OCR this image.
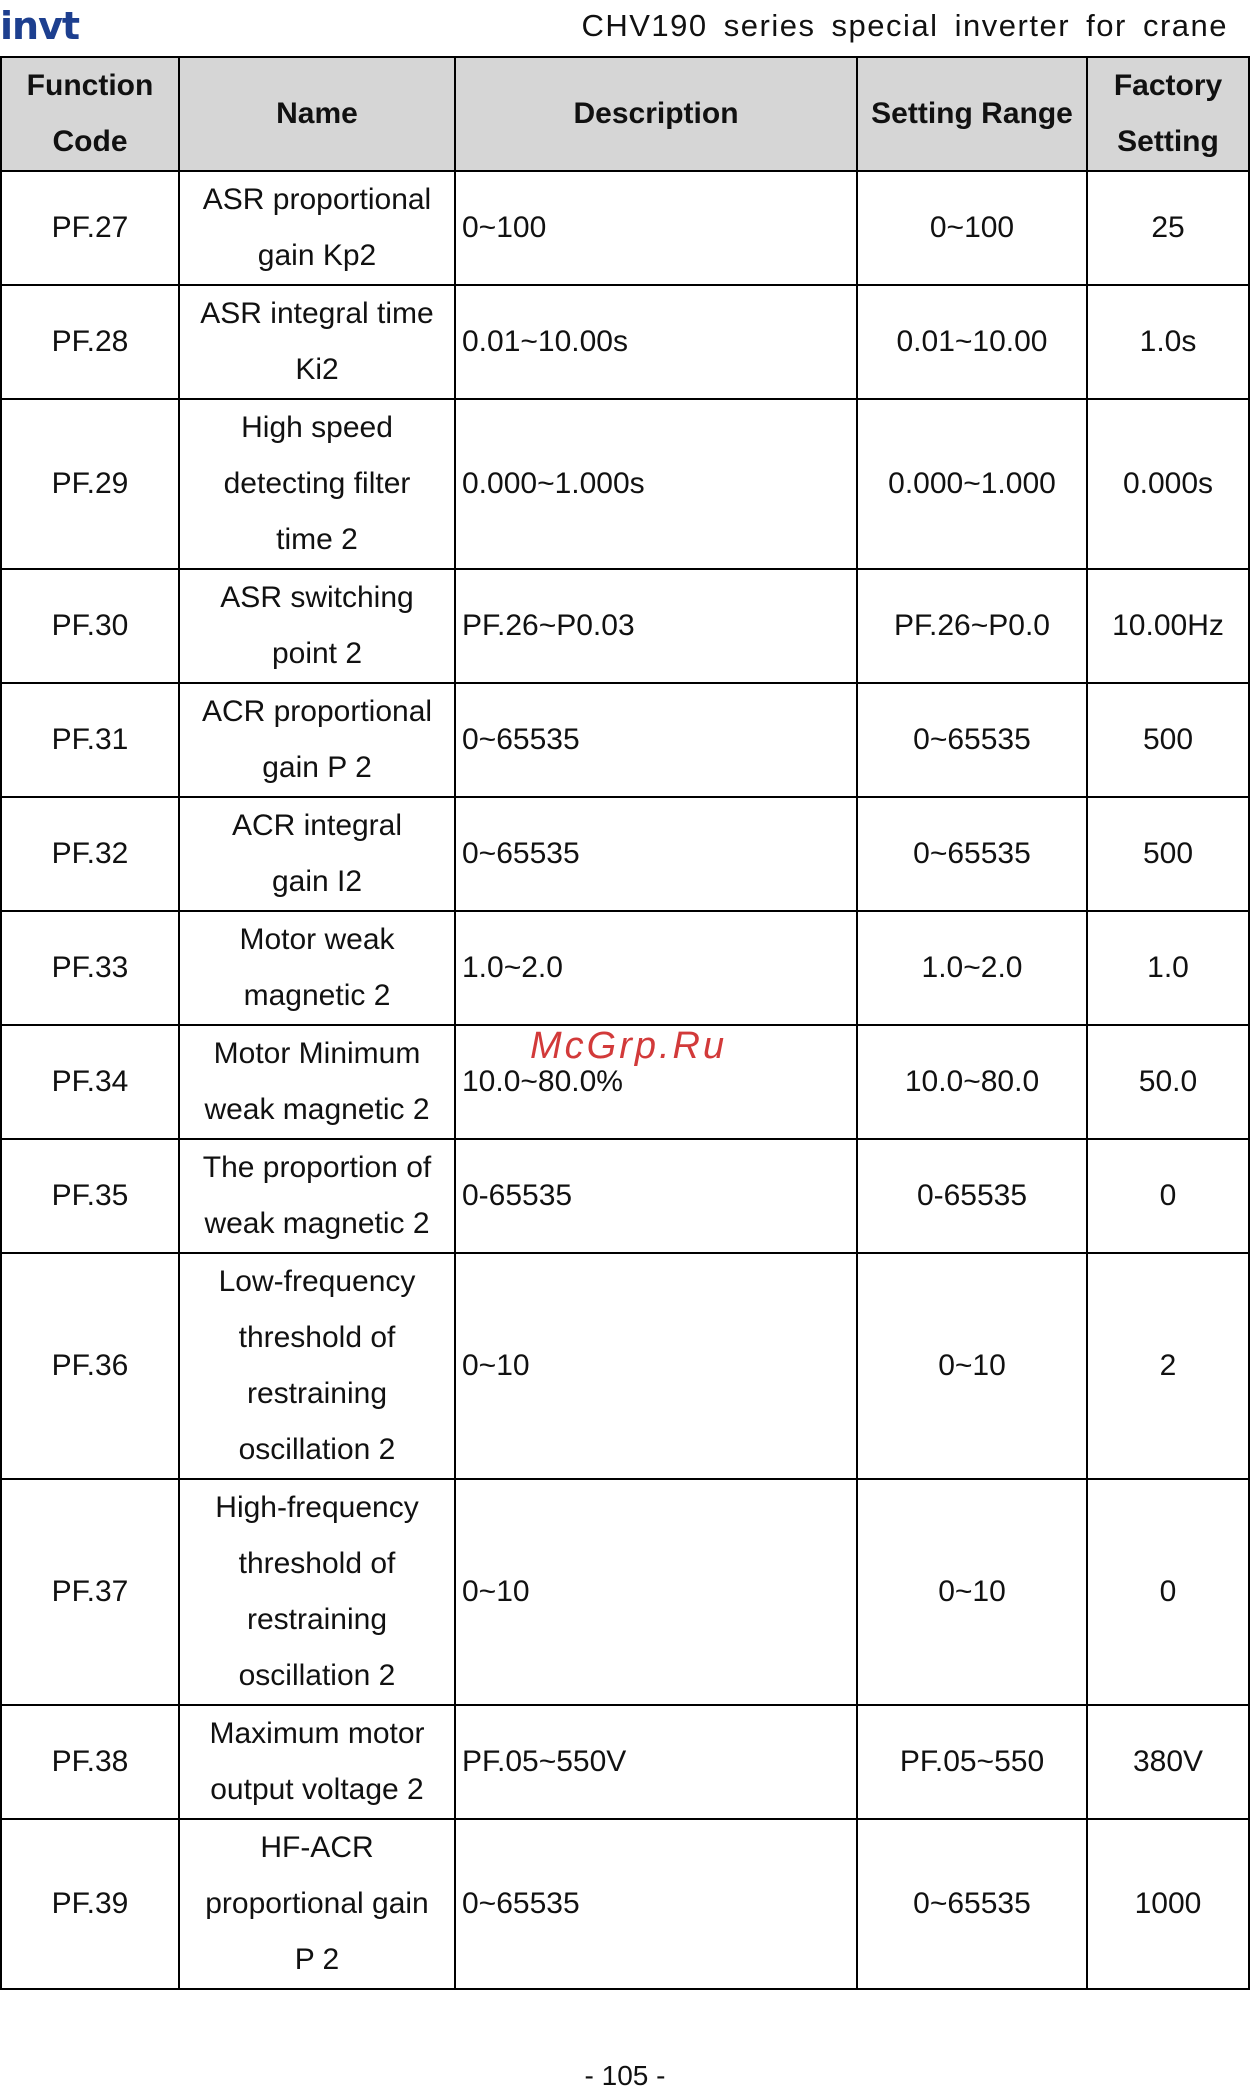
invt	CHV190 series special inverter for crane
Function Code	Name	Description	Setting Range	Factory Setting
PF.27	ASR proportional gain Kp2	0~100	0~100	25
PF.28	ASR integral time Ki2	0.01~10.00s	0.01~10.00	1.0s
PF.29	High speed detecting filter time 2	0.000~1.000s	0.000~1.000	0.000s
PF.30	ASR switching point 2	PF.26~P0.03	PF.26~P0.0	10.00Hz
PF.31	ACR proportional gain P 2	0~65535	0~65535	500
PF.32	ACR integral gain I2	0~65535	0~65535	500
PF.33	Motor weak magnetic 2	1.0~2.0	1.0~2.0	1.0
PF.34	Motor Minimum weak magnetic 2	10.0~80.0%	10.0~80.0	50.0
PF.35	The proportion of weak magnetic 2	0-65535	0-65535	0
PF.36	Low-frequency threshold of restraining oscillation 2	0~10	0~10	2
PF.37	High-frequency threshold of restraining oscillation 2	0~10	0~10	0
PF.38	Maximum motor output voltage 2	PF.05~550V	PF.05~550	380V
PF.39	HF-ACR proportional gain P 2	0~65535	0~65535	1000
McGrp.Ru
- 105 -
